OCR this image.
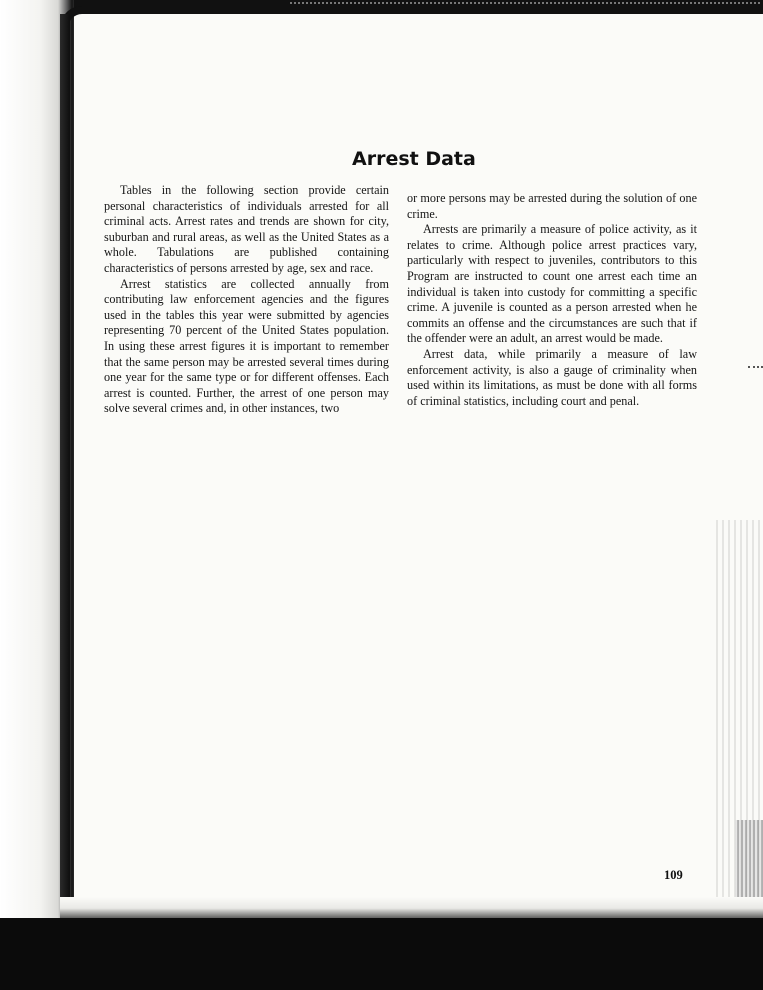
Arrest Data

Tables in the following section provide certain personal characteristics of individuals arrested for all criminal acts. Arrest rates and trends are shown for city, suburban and rural areas, as well as the United States as a whole. Tabulations are published containing characteristics of persons arrested by age, sex and race.

Arrest statistics are collected annually from contributing law enforcement agencies and the figures used in the tables this year were submitted by agencies representing 70 percent of the United States population. In using these arrest figures it is important to remember that the same person may be arrested several times during one year for the same type or for different offenses. Each arrest is counted. Further, the arrest of one person may solve several crimes and, in other instances, two

or more persons may be arrested during the solution of one crime.

Arrests are primarily a measure of police activity, as it relates to crime. Although police arrest practices vary, particularly with respect to juveniles, contributors to this Program are instructed to count one arrest each time an individual is taken into custody for committing a specific crime. A juvenile is counted as a person arrested when he commits an offense and the circumstances are such that if the offender were an adult, an arrest would be made.

Arrest data, while primarily a measure of law enforcement activity, is also a gauge of criminality when used within its limitations, as must be done with all forms of criminal statistics, including court and penal.

109
